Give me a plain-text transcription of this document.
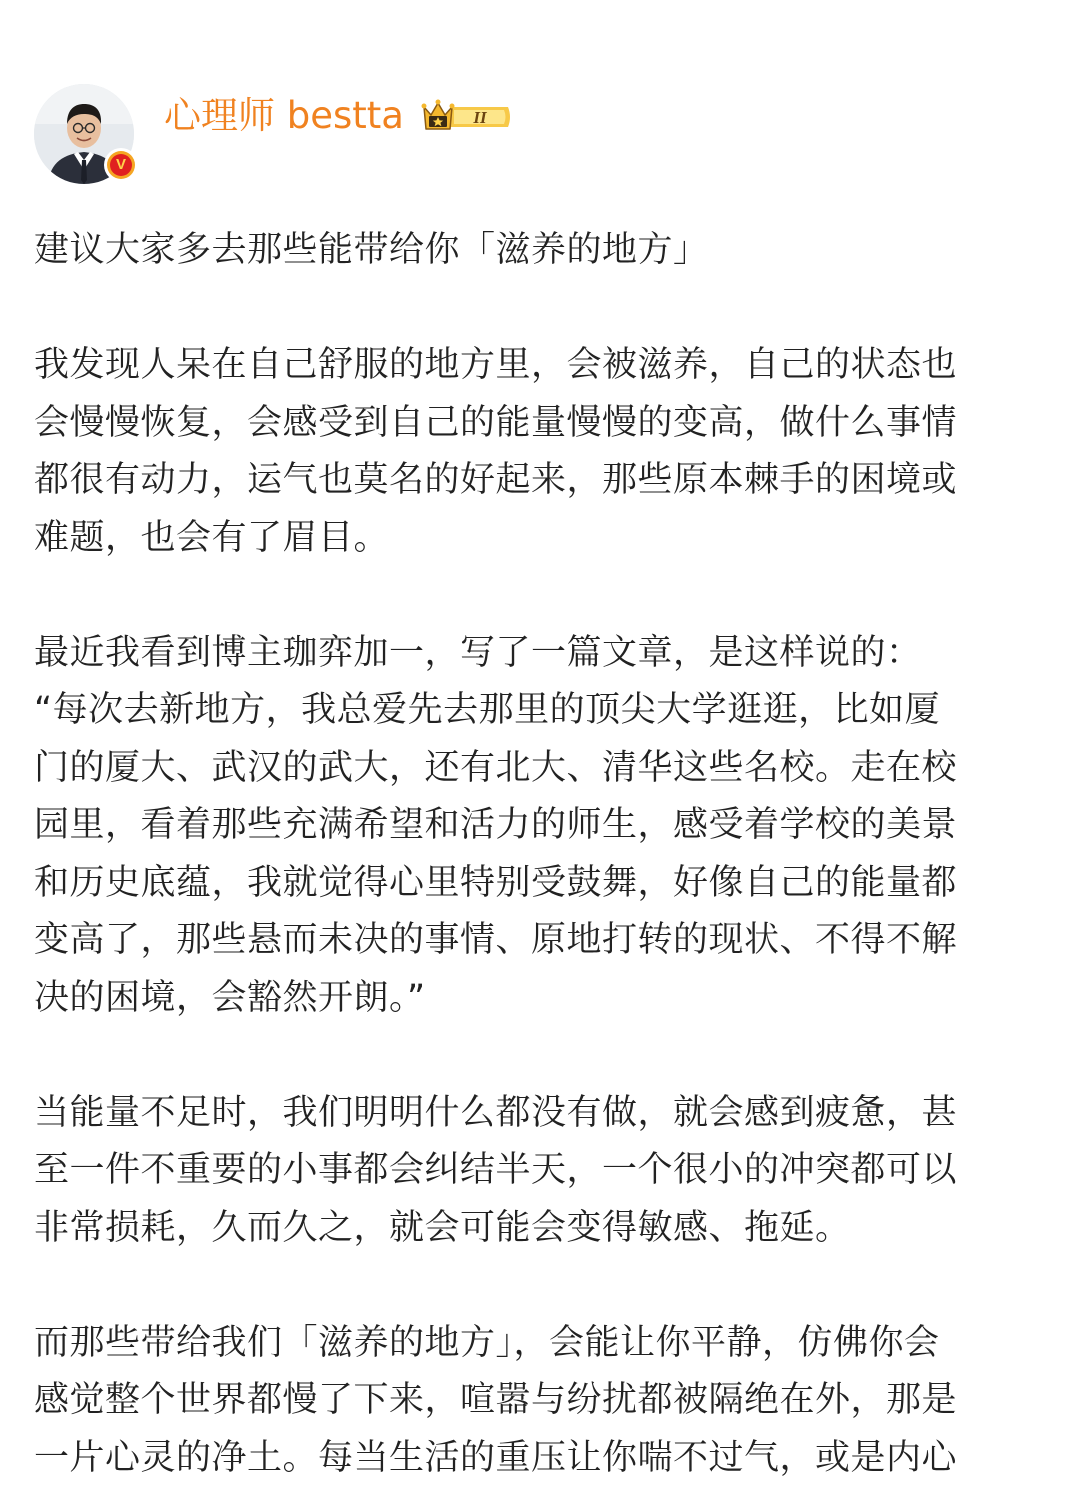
V
心理师 bestta	II

建议大家多去那些能带给你「滋养的地方」

我发现人呆在自己舒服的地方里，会被滋养，自己的状态也
会慢慢恢复，会感受到自己的能量慢慢的变高，做什么事情
都很有动力，运气也莫名的好起来，那些原本棘手的困境或
难题，也会有了眉目。

最近我看到博主珈弈加一，写了一篇文章，是这样说的：
“每次去新地方，我总爱先去那里的顶尖大学逛逛，比如厦
门的厦大、武汉的武大，还有北大、清华这些名校。走在校
园里，看着那些充满希望和活力的师生，感受着学校的美景
和历史底蕴，我就觉得心里特别受鼓舞，好像自己的能量都
变高了，那些悬而未决的事情、原地打转的现状、不得不解
决的困境，会豁然开朗。”

当能量不足时，我们明明什么都没有做，就会感到疲惫，甚
至一件不重要的小事都会纠结半天，一个很小的冲突都可以
非常损耗，久而久之，就会可能会变得敏感、拖延。

而那些带给我们「滋养的地方」，会能让你平静，仿佛你会
感觉整个世界都慢了下来，喧嚣与纷扰都被隔绝在外，那是
一片心灵的净土。每当生活的重压让你喘不过气，或是内心
